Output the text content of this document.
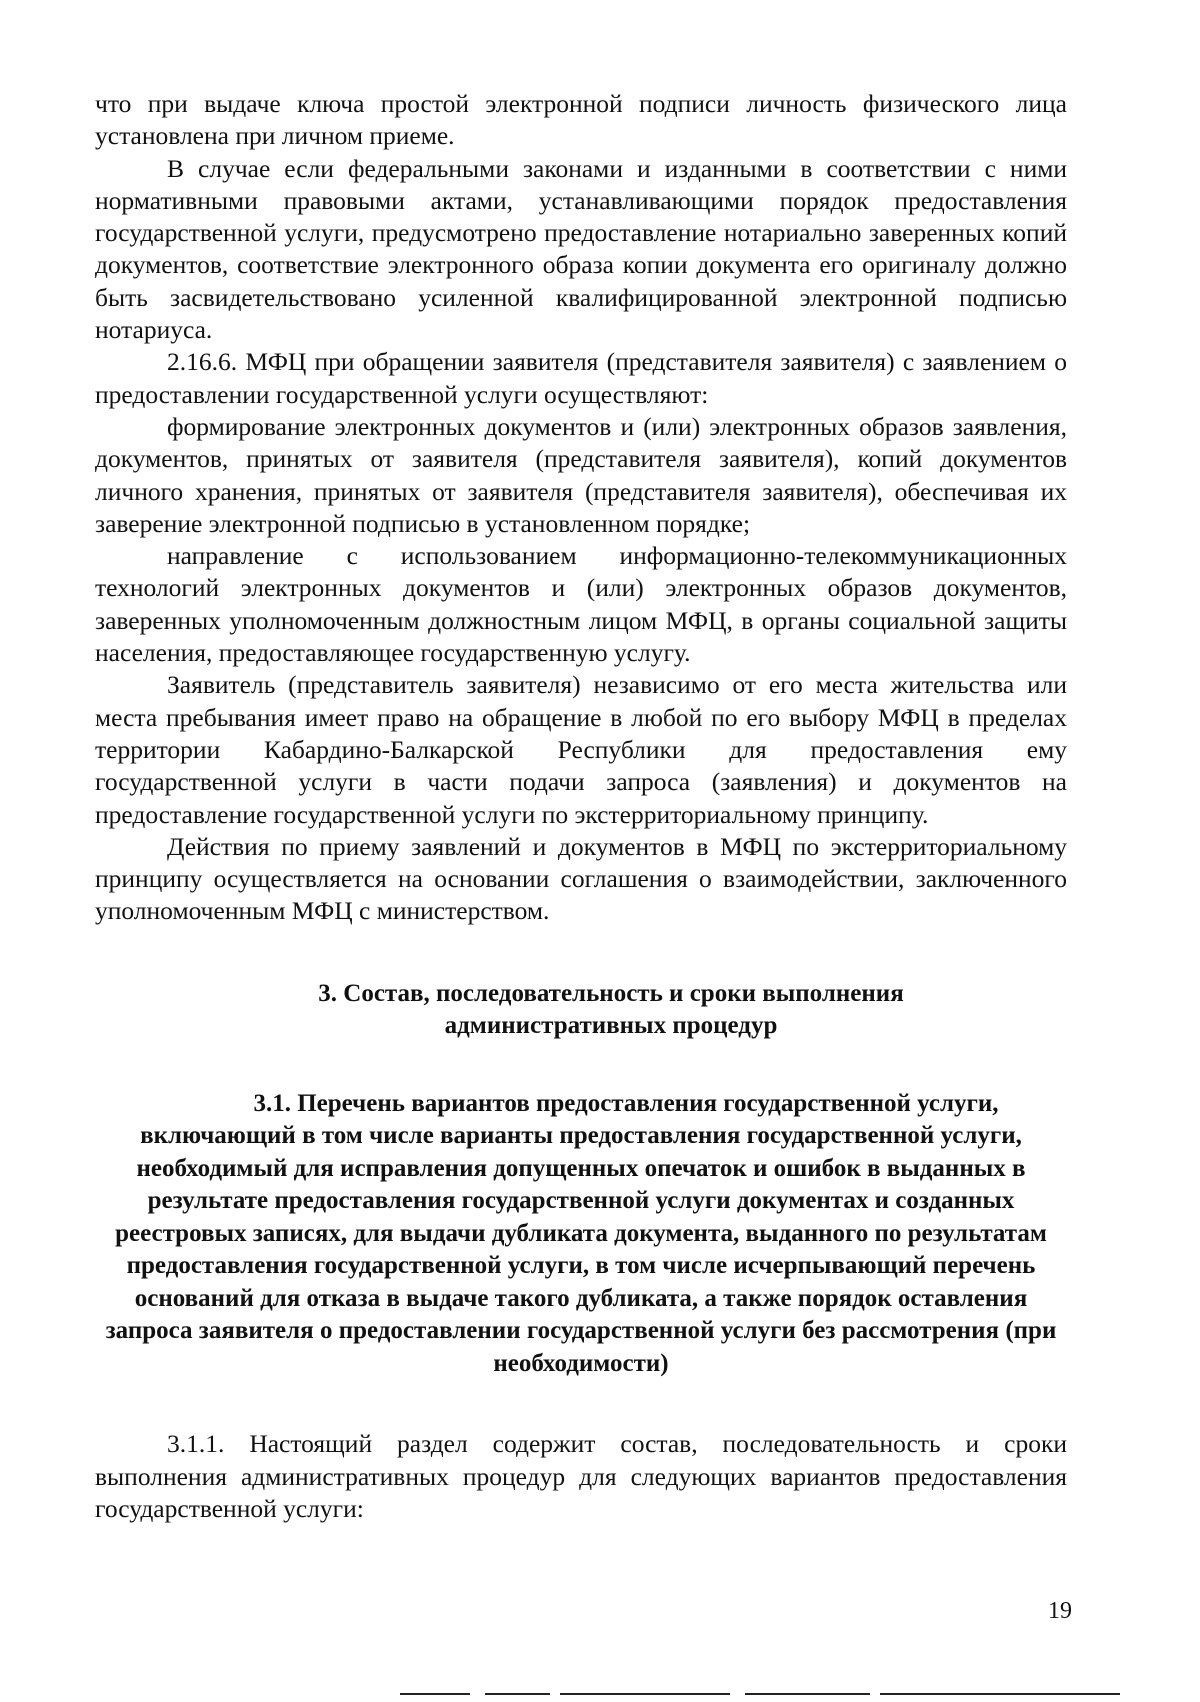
что при выдаче ключа простой электронной подписи личность физического лица установлена при личном приеме.

В случае если федеральными законами и изданными в соответствии с ними нормативными правовыми актами, устанавливающими порядок предоставления государственной услуги, предусмотрено предоставление нотариально заверенных копий документов, соответствие электронного образа копии документа его оригиналу должно быть засвидетельствовано усиленной квалифицированной электронной подписью нотариуса.

2.16.6. МФЦ при обращении заявителя (представителя заявителя) с заявлением о предоставлении государственной услуги осуществляют:

формирование электронных документов и (или) электронных образов заявления, документов, принятых от заявителя (представителя заявителя), копий документов личного хранения, принятых от заявителя (представителя заявителя), обеспечивая их заверение электронной подписью в установленном порядке;

направление с использованием информационно-телекоммуникационных технологий электронных документов и (или) электронных образов документов, заверенных уполномоченным должностным лицом МФЦ, в органы социальной защиты населения, предоставляющее государственную услугу.

Заявитель (представитель заявителя) независимо от его места жительства или места пребывания имеет право на обращение в любой по его выбору МФЦ в пределах территории Кабардино-Балкарской Республики для предоставления ему государственной услуги в части подачи запроса (заявления) и документов на предоставление государственной услуги по экстерриториальному принципу.

Действия по приему заявлений и документов в МФЦ по экстерриториальному принципу осуществляется на основании соглашения о взаимодействии, заключенного уполномоченным МФЦ с министерством.

3. Состав, последовательность и сроки выполнения
административных процедур
3.1. Перечень вариантов предоставления государственной услуги, включающий в том числе варианты предоставления государственной услуги, необходимый для исправления допущенных опечаток и ошибок в выданных в результате предоставления государственной услуги документах и созданных реестровых записях, для выдачи дубликата документа, выданного по результатам предоставления государственной услуги, в том числе исчерпывающий перечень оснований для отказа в выдаче такого дубликата, а также порядок оставления запроса заявителя о предоставлении государственной услуги без рассмотрения (при необходимости)

3.1.1. Настоящий раздел содержит состав, последовательность и сроки выполнения административных процедур для следующих вариантов предоставления государственной услуги:

19
